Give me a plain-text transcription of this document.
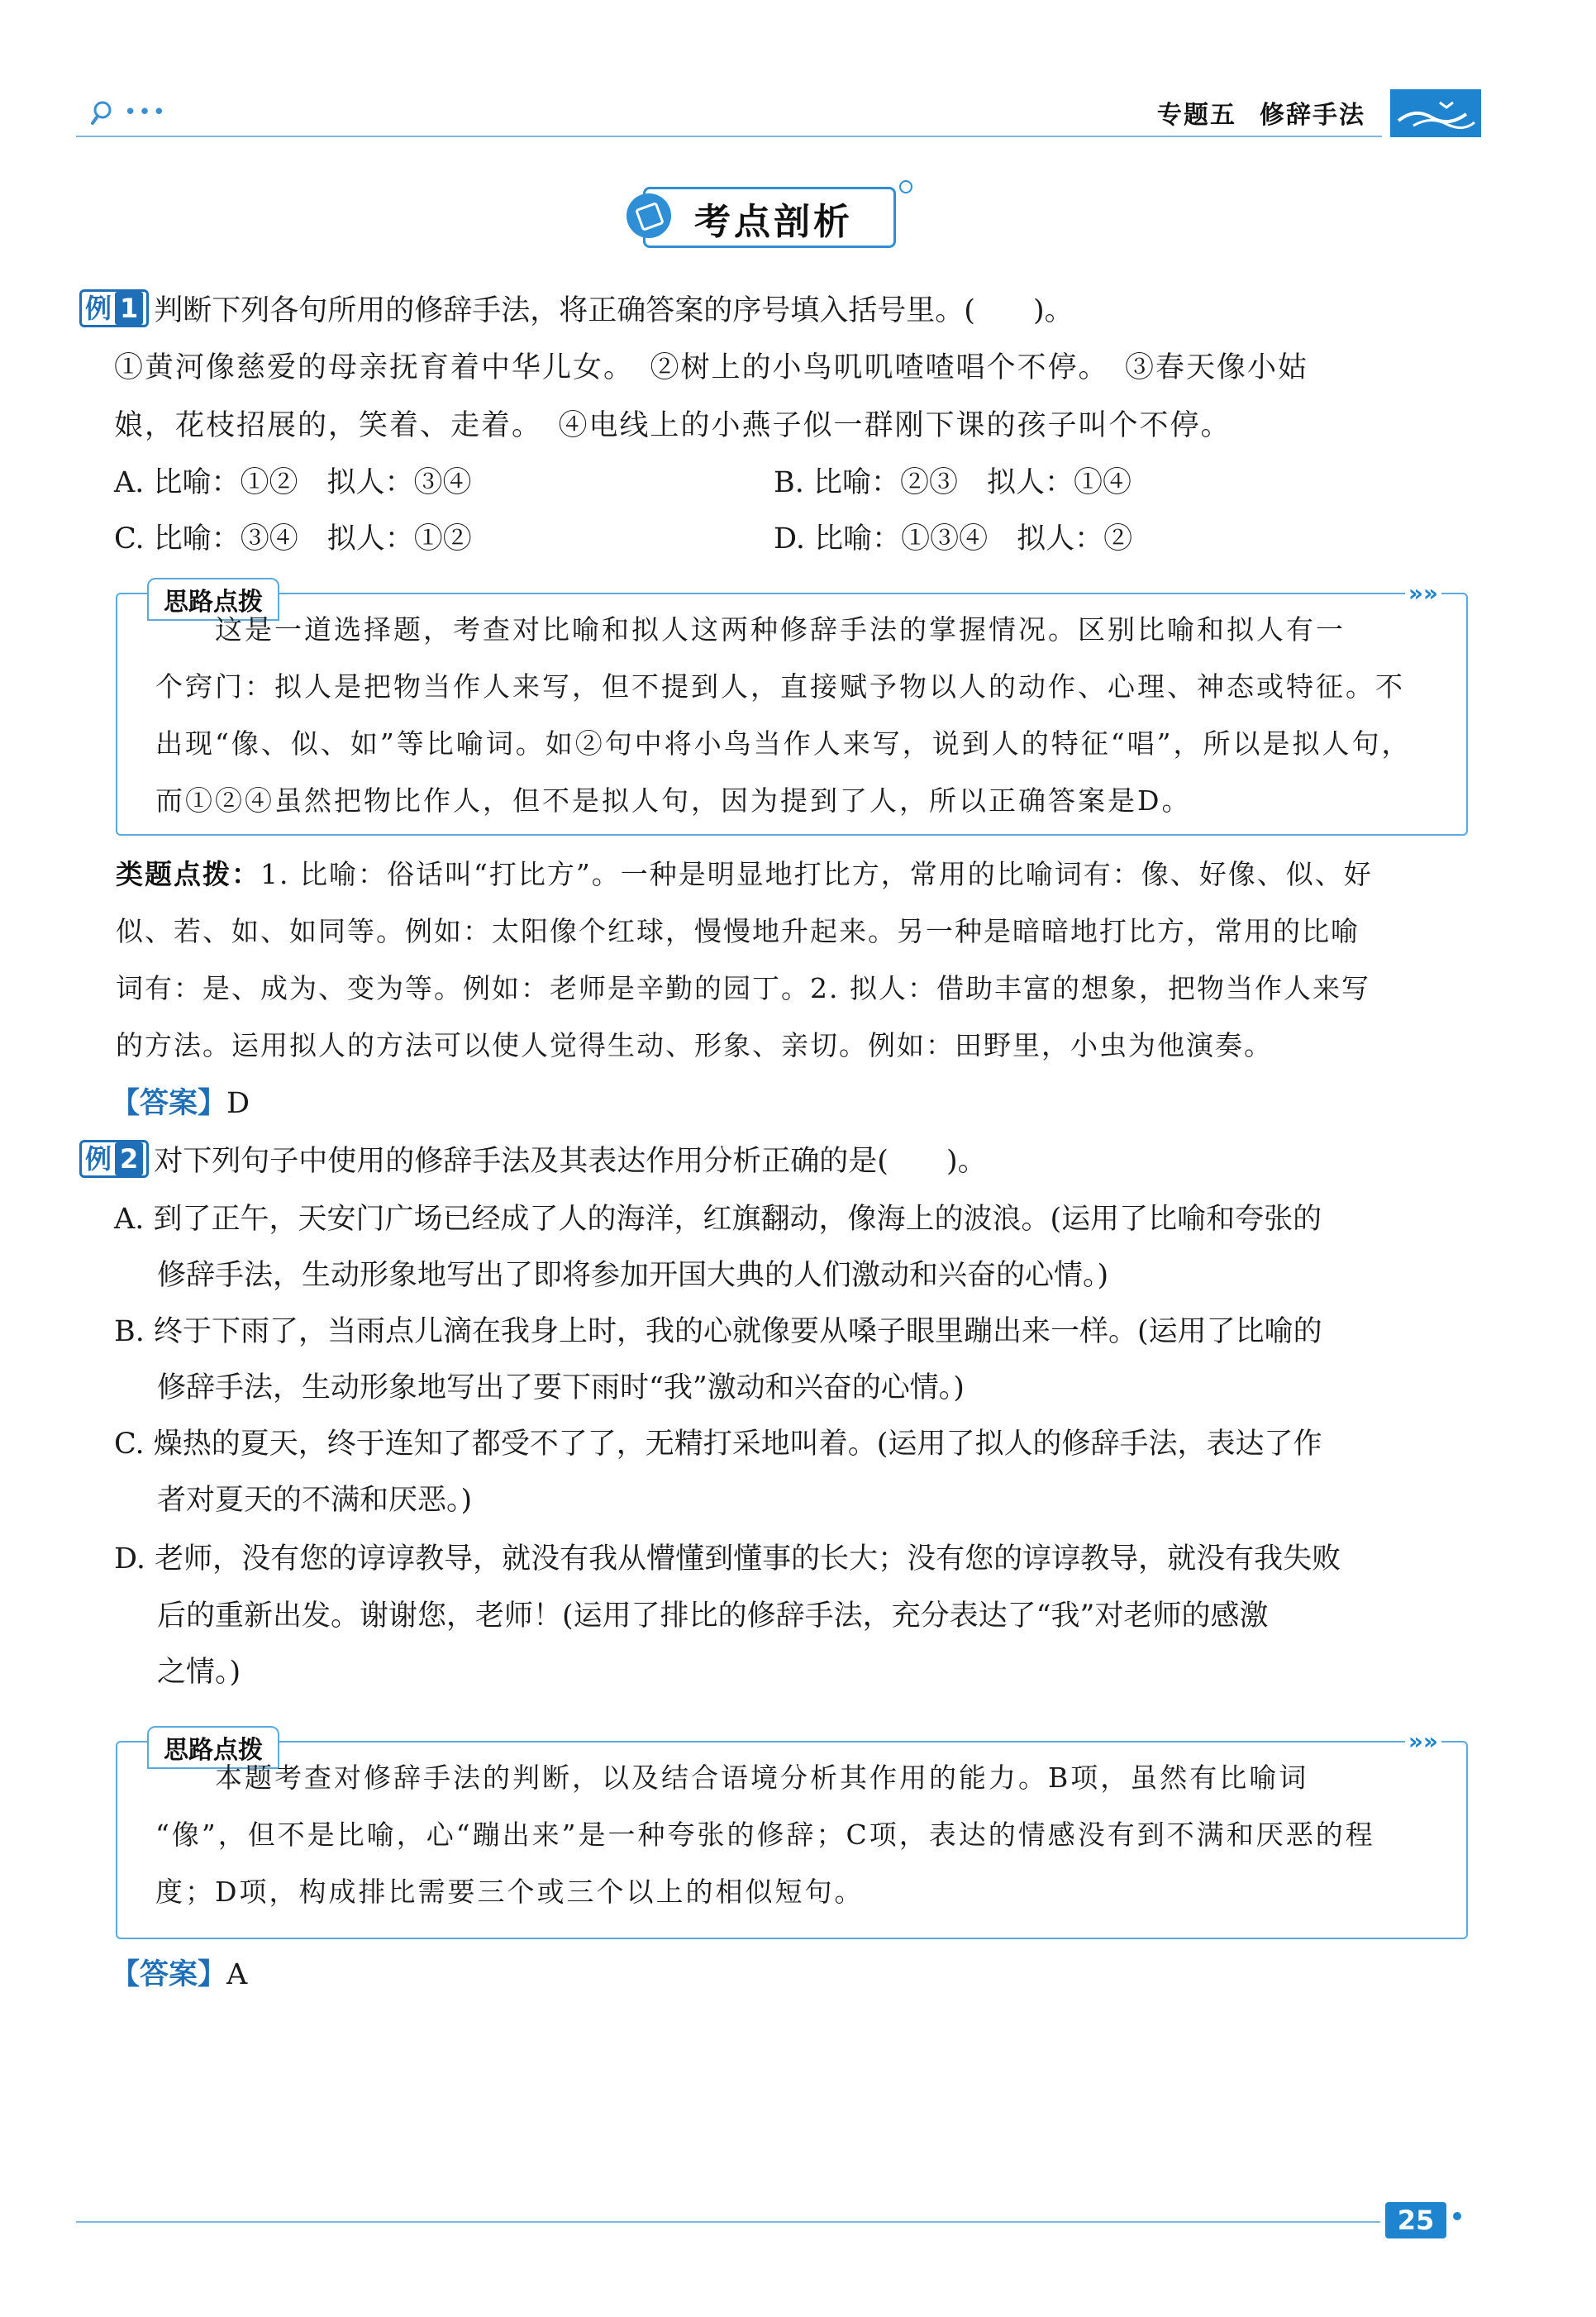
•••	专题五 修辞手法
考点剖析
例 1 判断下列各句所用的修辞手法，将正确答案的序号填入括号里。(　　)。
①黄河像慈爱的母亲抚育着中华儿女。　②树上的小鸟叽叽喳喳唱个不停。　③春天像小姑
娘，花枝招展的，笑着、走着。　④电线上的小燕子似一群刚下课的孩子叫个不停。
A. 比喻：①②　拟人：③④	B. 比喻：②③　拟人：①④
C. 比喻：③④　拟人：①②	D. 比喻：①③④　拟人：②
思路点拨	»»
　　这是一道选择题，考查对比喻和拟人这两种修辞手法的掌握情况。区别比喻和拟人有一
个窍门：拟人是把物当作人来写，但不提到人，直接赋予物以人的动作、心理、神态或特征。不
出现“像、似、如”等比喻词。如②句中将小鸟当作人来写，说到人的特征“唱”，所以是拟人句，
而①②④虽然把物比作人，但不是拟人句，因为提到了人，所以正确答案是D。
类题点拨：1. 比喻：俗话叫“打比方”。一种是明显地打比方，常用的比喻词有：像、好像、似、好
似、若、如、如同等。例如：太阳像个红球，慢慢地升起来。另一种是暗暗地打比方，常用的比喻
词有：是、成为、变为等。例如：老师是辛勤的园丁。2. 拟人：借助丰富的想象，把物当作人来写
的方法。运用拟人的方法可以使人觉得生动、形象、亲切。例如：田野里，小虫为他演奏。
【答案】D
例 2 对下列句子中使用的修辞手法及其表达作用分析正确的是(　　)。
A. 到了正午，天安门广场已经成了人的海洋，红旗翻动，像海上的波浪。(运用了比喻和夸张的
修辞手法，生动形象地写出了即将参加开国大典的人们激动和兴奋的心情。)
B. 终于下雨了，当雨点儿滴在我身上时，我的心就像要从嗓子眼里蹦出来一样。(运用了比喻的
修辞手法，生动形象地写出了要下雨时“我”激动和兴奋的心情。)
C. 燥热的夏天，终于连知了都受不了了，无精打采地叫着。(运用了拟人的修辞手法，表达了作
者对夏天的不满和厌恶。)
D. 老师，没有您的谆谆教导，就没有我从懵懂到懂事的长大；没有您的谆谆教导，就没有我失败
后的重新出发。谢谢您，老师！(运用了排比的修辞手法，充分表达了“我”对老师的感激
之情。)
思路点拨	»»
　　本题考查对修辞手法的判断，以及结合语境分析其作用的能力。B项，虽然有比喻词
“像”，但不是比喻，心“蹦出来”是一种夸张的修辞；C项，表达的情感没有到不满和厌恶的程
度；D项，构成排比需要三个或三个以上的相似短句。
【答案】A
25
